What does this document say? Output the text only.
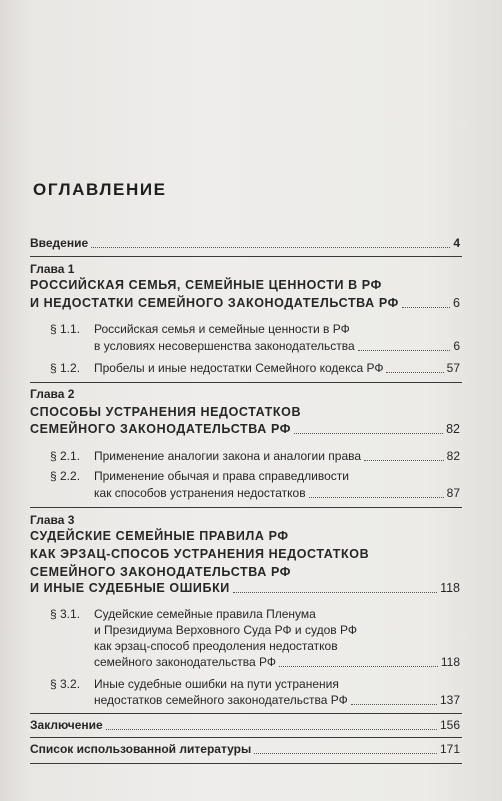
ОГЛАВЛЕНИЕ
Введение	4
Глава 1
РОССИЙСКАЯ СЕМЬЯ, СЕМЕЙНЫЕ ЦЕННОСТИ В РФ
И НЕДОСТАТКИ СЕМЕЙНОГО ЗАКОНОДАТЕЛЬСТВА РФ	6
§ 1.1. Российская семья и семейные ценности в РФ
в условиях несовершенства законодательства	6
§ 1.2. Пробелы и иные недостатки Семейного кодекса РФ	57
Глава 2
СПОСОБЫ УСТРАНЕНИЯ НЕДОСТАТКОВ
СЕМЕЙНОГО ЗАКОНОДАТЕЛЬСТВА РФ	82
§ 2.1. Применение аналогии закона и аналогии права	82
§ 2.2. Применение обычая и права справедливости
как способов устранения недостатков	87
Глава 3
СУДЕЙСКИЕ СЕМЕЙНЫЕ ПРАВИЛА РФ
КАК ЭРЗАЦ-СПОСОБ УСТРАНЕНИЯ НЕДОСТАТКОВ
СЕМЕЙНОГО ЗАКОНОДАТЕЛЬСТВА РФ
И ИНЫЕ СУДЕБНЫЕ ОШИБКИ	118
§ 3.1. Судейские семейные правила Пленума
и Президиума Верховного Суда РФ и судов РФ
как эрзац-способ преодоления недостатков
семейного законодательства РФ	118
§ 3.2. Иные судебные ошибки на пути устранения
недостатков семейного законодательства РФ	137
Заключение	156
Список использованной литературы	171
